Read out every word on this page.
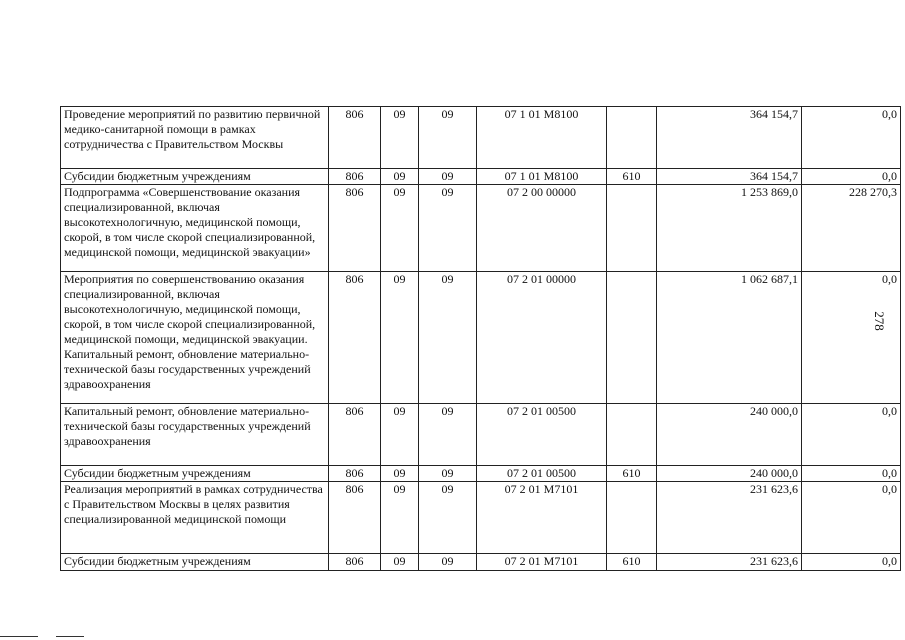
Проведение мероприятий по развитию первичной медико-санитарной помощи в рамках сотрудничества с Правительством Москвы	806	09	09	07 1 01 M8100		364 154,7	0,0
Субсидии бюджетным учреждениям	806	09	09	07 1 01 M8100	610	364 154,7	0,0
Подпрограмма «Совершенствование оказания специализированной, включая высокотехнологичную, медицинской помощи, скорой, в том числе скорой специализированной, медицинской помощи, медицинской эвакуации»	806	09	09	07 2 00 00000		1 253 869,0	228 270,3
Мероприятия по совершенствованию оказания специализированной, включая высокотехнологичную, медицинской помощи, скорой, в том числе скорой специализированной, медицинской помощи, медицинской эвакуации. Капитальный ремонт, обновление материально-технической базы государственных учреждений здравоохранения	806	09	09	07 2 01 00000		1 062 687,1	0,0
Капитальный ремонт, обновление материально-технической базы государственных учреждений здравоохранения	806	09	09	07 2 01 00500		240 000,0	0,0
Субсидии бюджетным учреждениям	806	09	09	07 2 01 00500	610	240 000,0	0,0
Реализация мероприятий в рамках сотрудничества с Правительством Москвы в целях развития специализированной медицинской помощи	806	09	09	07 2 01 M7101		231 623,6	0,0
Субсидии бюджетным учреждениям	806	09	09	07 2 01 M7101	610	231 623,6	0,0
278
